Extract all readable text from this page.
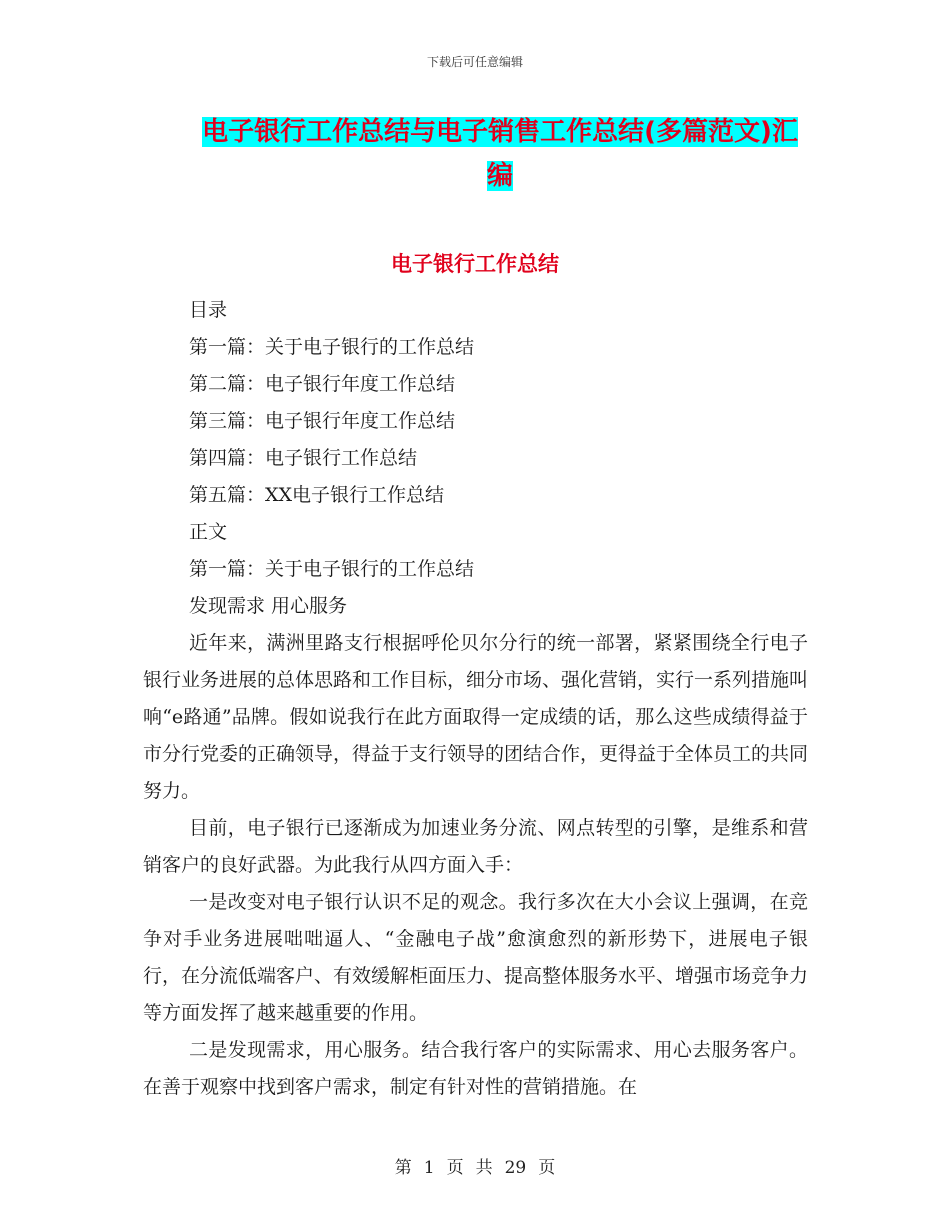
下载后可任意编辑
电子银行工作总结与电子销售工作总结(多篇范文)汇编
电子银行工作总结
目录
第一篇：关于电子银行的工作总结
第二篇：电子银行年度工作总结
第三篇：电子银行年度工作总结
第四篇：电子银行工作总结
第五篇：XX电子银行工作总结
正文
第一篇：关于电子银行的工作总结
发现需求 用心服务
近年来，满洲里路支行根据呼伦贝尔分行的统一部署，紧紧围绕全行电子银行业务进展的总体思路和工作目标，细分市场、强化营销，实行一系列措施叫响“e路通”品牌。假如说我行在此方面取得一定成绩的话，那么这些成绩得益于市分行党委的正确领导，得益于支行领导的团结合作，更得益于全体员工的共同努力。
目前，电子银行已逐渐成为加速业务分流、网点转型的引擎，是维系和营销客户的良好武器。为此我行从四方面入手：
一是改变对电子银行认识不足的观念。我行多次在大小会议上强调，在竞争对手业务进展咄咄逼人、“金融电子战”愈演愈烈的新形势下，进展电子银行，在分流低端客户、有效缓解柜面压力、提高整体服务水平、增强市场竞争力等方面发挥了越来越重要的作用。
二是发现需求，用心服务。结合我行客户的实际需求、用心去服务客户。在善于观察中找到客户需求，制定有针对性的营销措施。在
第 1 页 共 29 页
